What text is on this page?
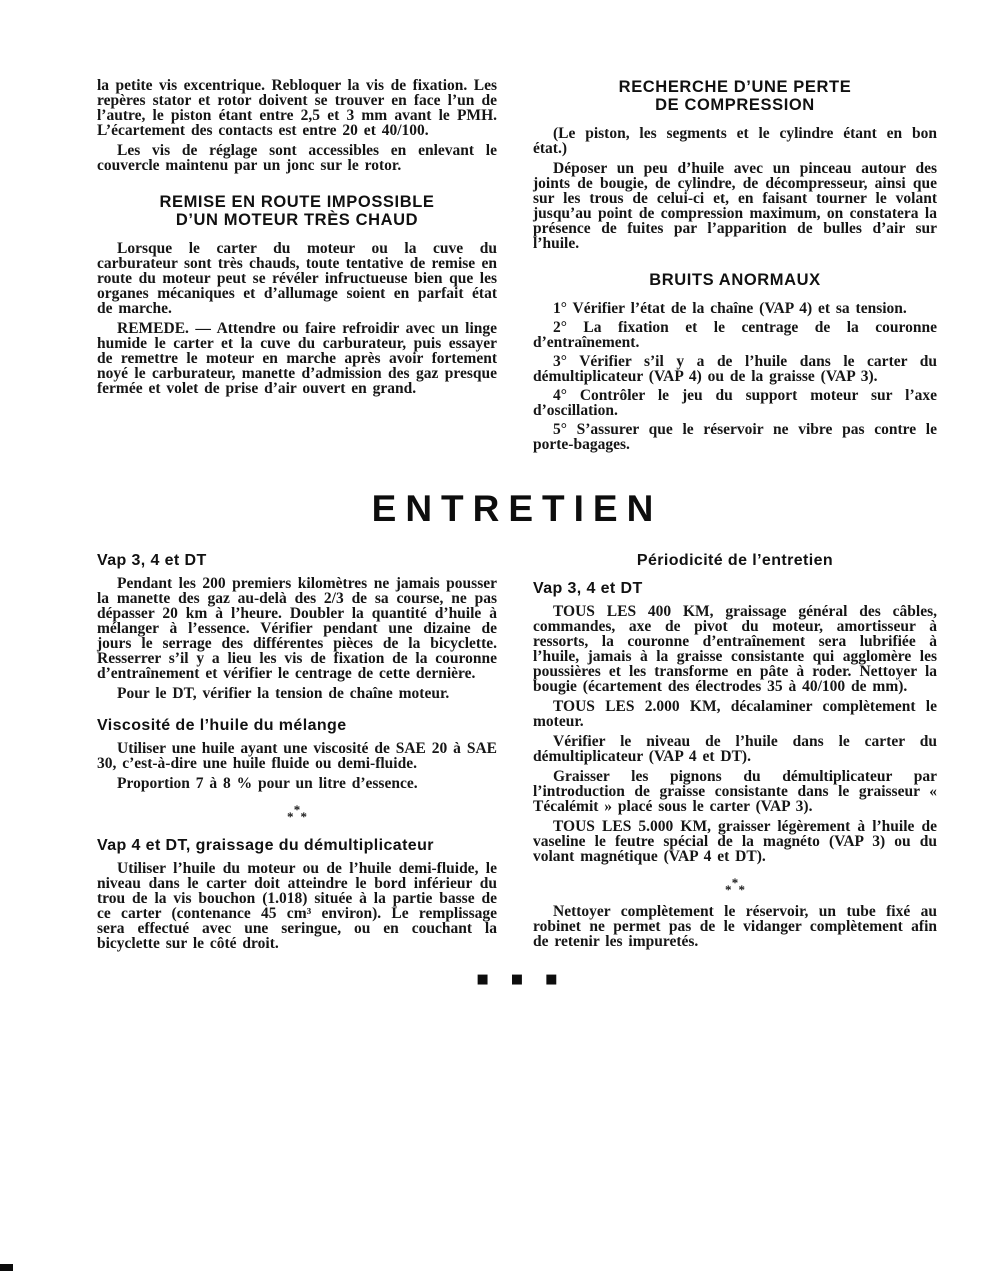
la petite vis excentrique. Rebloquer la vis de fixation. Les repères stator et rotor doivent se trouver en face l’un de l’autre, le piston étant entre 2,5 et 3 mm avant le PMH. L’écartement des contacts est entre 20 et 40/100.

Les vis de réglage sont accessibles en enlevant le couvercle maintenu par un jonc sur le rotor.

REMISE EN ROUTE IMPOSSIBLE
D’UN MOTEUR TRÈS CHAUD

Lorsque le carter du moteur ou la cuve du carburateur sont très chauds, toute tentative de remise en route du moteur peut se révéler infructueuse bien que les organes mécaniques et d’allumage soient en parfait état de marche.

REMEDE. — Attendre ou faire refroidir avec un linge humide le carter et la cuve du carburateur, puis essayer de remettre le moteur en marche après avoir fortement noyé le carburateur, manette d’admission des gaz presque fermée et volet de prise d’air ouvert en grand.

RECHERCHE D’UNE PERTE
DE COMPRESSION

(Le piston, les segments et le cylindre étant en bon état.)

Déposer un peu d’huile avec un pinceau autour des joints de bougie, de cylindre, de décompresseur, ainsi que sur les trous de celui-ci et, en faisant tourner le volant jusqu’au point de compression maximum, on constatera la présence de fuites par l’apparition de bulles d’air sur l’huile.

BRUITS ANORMAUX

1° Vérifier l’état de la chaîne (VAP 4) et sa tension.

2° La fixation et le centrage de la couronne d’entraînement.

3° Vérifier s’il y a de l’huile dans le carter du démultiplicateur (VAP 4) ou de la graisse (VAP 3).

4° Contrôler le jeu du support moteur sur l’axe d’oscillation.

5° S’assurer que le réservoir ne vibre pas contre le porte-bagages.

ENTRETIEN
Vap 3, 4 et DT

Pendant les 200 premiers kilomètres ne jamais pousser la manette des gaz au-delà des 2/3 de sa course, ne pas dépasser 20 km à l’heure. Doubler la quantité d’huile à mélanger à l’essence. Vérifier pendant une dizaine de jours le serrage des différentes pièces de la bicyclette. Resserrer s’il y a lieu les vis de fixation de la couronne d’entraînement et vérifier le centrage de cette dernière.

Pour le DT, vérifier la tension de chaîne moteur.

Viscosité de l’huile du mélange

Utiliser une huile ayant une viscosité de SAE 20 à SAE 30, c’est-à-dire une huile fluide ou demi-fluide.

Proportion 7 à 8 % pour un litre d’essence.

*
* *
Vap 4 et DT, graissage du démultiplicateur

Utiliser l’huile du moteur ou de l’huile demi-fluide, le niveau dans le carter doit atteindre le bord inférieur du trou de la vis bouchon (1.018) située à la partie basse de ce carter (contenance 45 cm³ environ). Le remplissage sera effectué avec une seringue, ou en couchant la bicyclette sur le côté droit.

Périodicité de l’entretien
Vap 3, 4 et DT

TOUS LES 400 KM, graissage général des câbles, commandes, axe de pivot du moteur, amortisseur à ressorts, la couronne d’entraînement sera lubrifiée à l’huile, jamais à la graisse consistante qui agglomère les poussières et les transforme en pâte à roder. Nettoyer la bougie (écartement des électrodes 35 à 40/100 de mm).

TOUS LES 2.000 KM, décalaminer complètement le moteur.

Vérifier le niveau de l’huile dans le carter du démultiplicateur (VAP 4 et DT).

Graisser les pignons du démultiplicateur par l’introduction de graisse consistante dans le graisseur « Técalémit » placé sous le carter (VAP 3).

TOUS LES 5.000 KM, graisser légèrement à l’huile de vaseline le feutre spécial de la magnéto (VAP 3) ou du volant magnétique (VAP 4 et DT).

*
* *

Nettoyer complètement le réservoir, un tube fixé au robinet ne permet pas de le vidanger complètement afin de retenir les impuretés.

■ ■ ■
